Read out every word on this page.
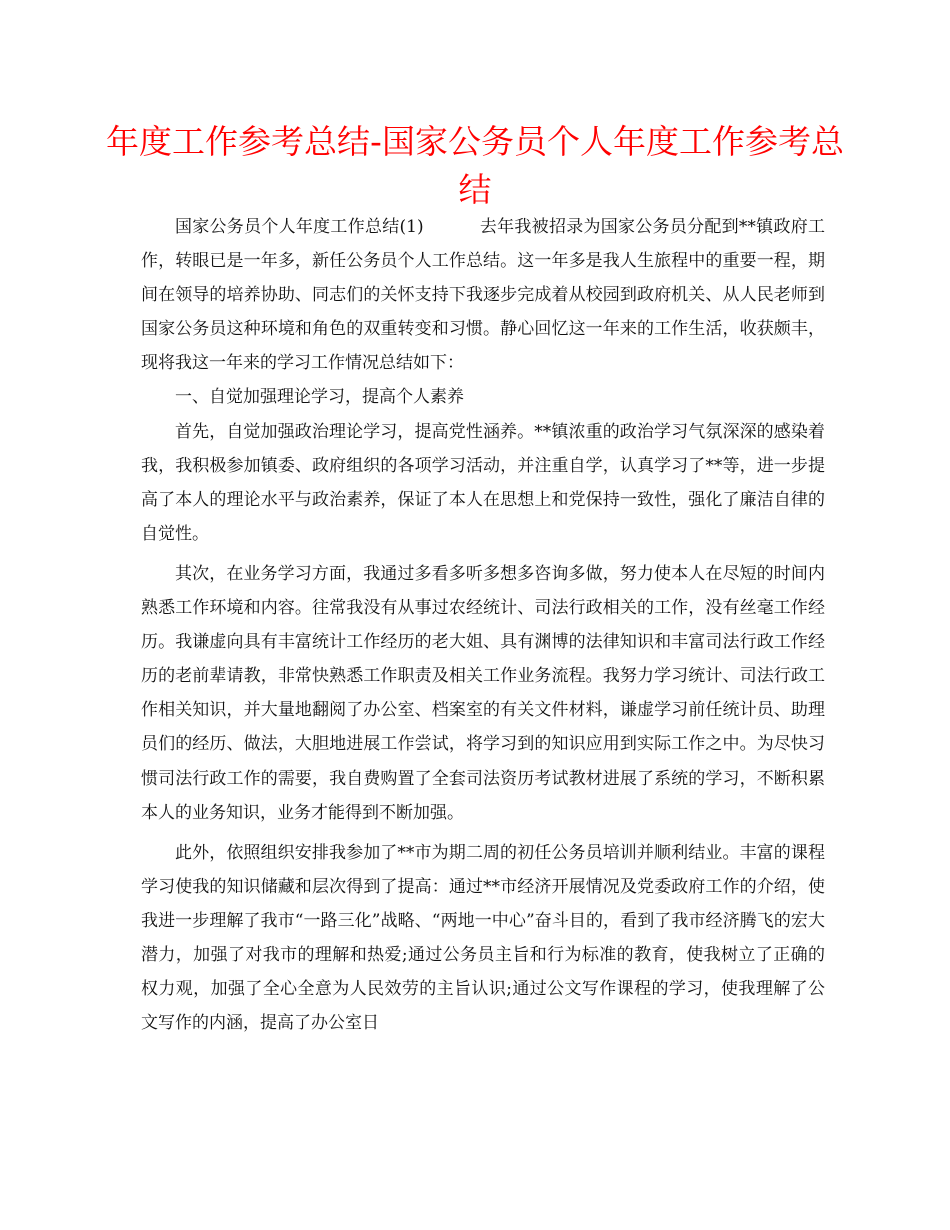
年度工作参考总结-国家公务员个人年度工作参考总结

国家公务员个人年度工作总结(1)	去年我被招录为国家公务员分配到**镇政府工作，转眼已是一年多，新任公务员个人工作总结。这一年多是我人生旅程中的重要一程，期间在领导的培养协助、同志们的关怀支持下我逐步完成着从校园到政府机关、从人民老师到国家公务员这种环境和角色的双重转变和习惯。静心回忆这一年来的工作生活，收获颇丰，现将我这一年来的学习工作情况总结如下：

一、自觉加强理论学习，提高个人素养

首先，自觉加强政治理论学习，提高党性涵养。**镇浓重的政治学习气氛深深的感染着我，我积极参加镇委、政府组织的各项学习活动，并注重自学，认真学习了**等，进一步提高了本人的理论水平与政治素养，保证了本人在思想上和党保持一致性，强化了廉洁自律的自觉性。

其次，在业务学习方面，我通过多看多听多想多咨询多做，努力使本人在尽短的时间内熟悉工作环境和内容。往常我没有从事过农经统计、司法行政相关的工作，没有丝毫工作经历。我谦虚向具有丰富统计工作经历的老大姐、具有渊博的法律知识和丰富司法行政工作经历的老前辈请教，非常快熟悉工作职责及相关工作业务流程。我努力学习统计、司法行政工作相关知识，并大量地翻阅了办公室、档案室的有关文件材料，谦虚学习前任统计员、助理员们的经历、做法，大胆地进展工作尝试，将学习到的知识应用到实际工作之中。为尽快习惯司法行政工作的需要，我自费购置了全套司法资历考试教材进展了系统的学习，不断积累本人的业务知识，业务才能得到不断加强。

此外，依照组织安排我参加了**市为期二周的初任公务员培训并顺利结业。丰富的课程学习使我的知识储藏和层次得到了提高：通过**市经济开展情况及党委政府工作的介绍，使我进一步理解了我市“一路三化”战略、“两地一中心”奋斗目的，看到了我市经济腾飞的宏大潜力，加强了对我市的理解和热爱;通过公务员主旨和行为标准的教育，使我树立了正确的权力观，加强了全心全意为人民效劳的主旨认识;通过公文写作课程的学习，使我理解了公文写作的内涵，提高了办公室日
